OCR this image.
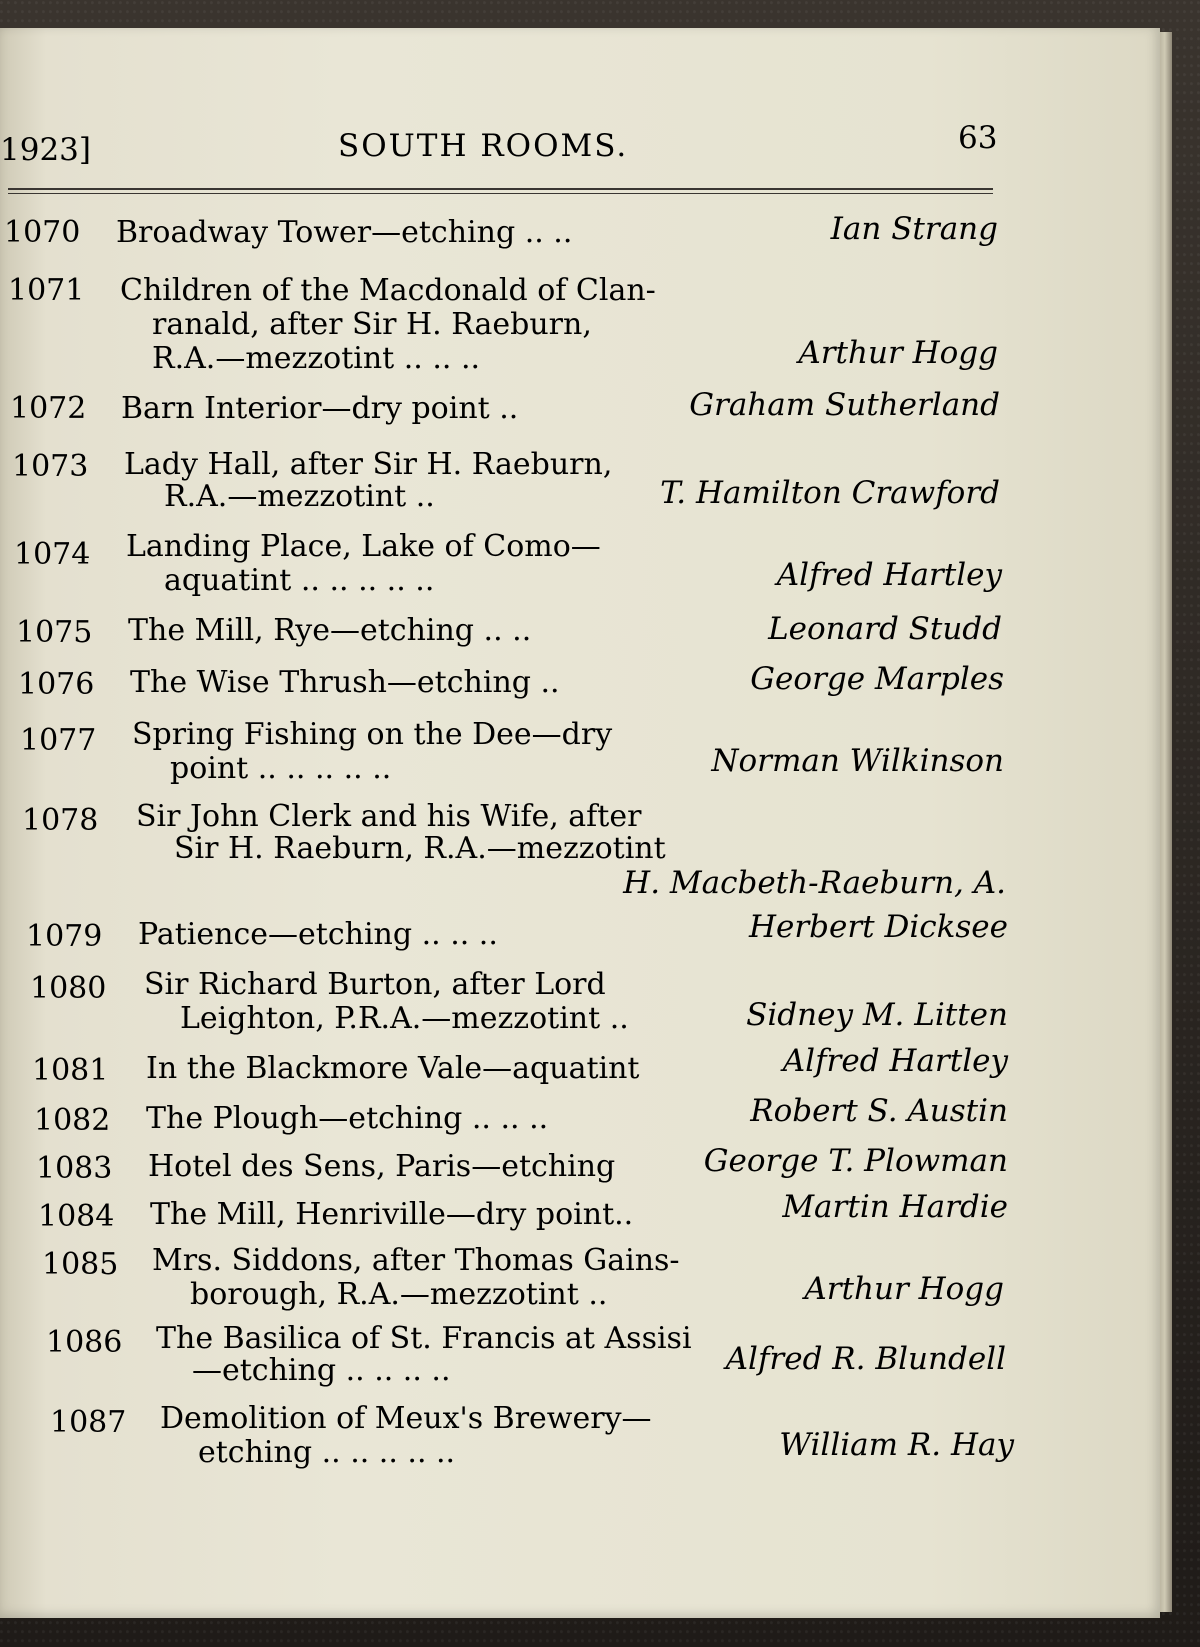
1923]	SOUTH ROOMS.	63
1070 Broadway Tower—etching .. ..	Ian Strang
1071 Children of the Macdonald of Clan-
ranald, after Sir H. Raeburn,
R.A.—mezzotint .. .. ..	Arthur Hogg
1072 Barn Interior—dry point ..	Graham Sutherland
1073 Lady Hall, after Sir H. Raeburn,
R.A.—mezzotint ..	T. Hamilton Crawford
1074 Landing Place, Lake of Como—
aquatint .. .. .. .. ..	Alfred Hartley
1075 The Mill, Rye—etching .. ..	Leonard Studd
1076 The Wise Thrush—etching ..	George Marples
1077 Spring Fishing on the Dee—dry
point .. .. .. .. ..	Norman Wilkinson
1078 Sir John Clerk and his Wife, after
Sir H. Raeburn, R.A.—mezzotint
H. Macbeth-Raeburn, A.
1079 Patience—etching .. .. ..	Herbert Dicksee
1080 Sir Richard Burton, after Lord
Leighton, P.R.A.—mezzotint ..	Sidney M. Litten
1081 In the Blackmore Vale—aquatint	Alfred Hartley
1082 The Plough—etching .. .. ..	Robert S. Austin
1083 Hotel des Sens, Paris—etching	George T. Plowman
1084 The Mill, Henriville—dry point..	Martin Hardie
1085 Mrs. Siddons, after Thomas Gains-
borough, R.A.—mezzotint ..	Arthur Hogg
1086 The Basilica of St. Francis at Assisi
—etching .. .. .. ..	Alfred R. Blundell
1087 Demolition of Meux's Brewery—
etching .. .. .. .. ..	William R. Hay
